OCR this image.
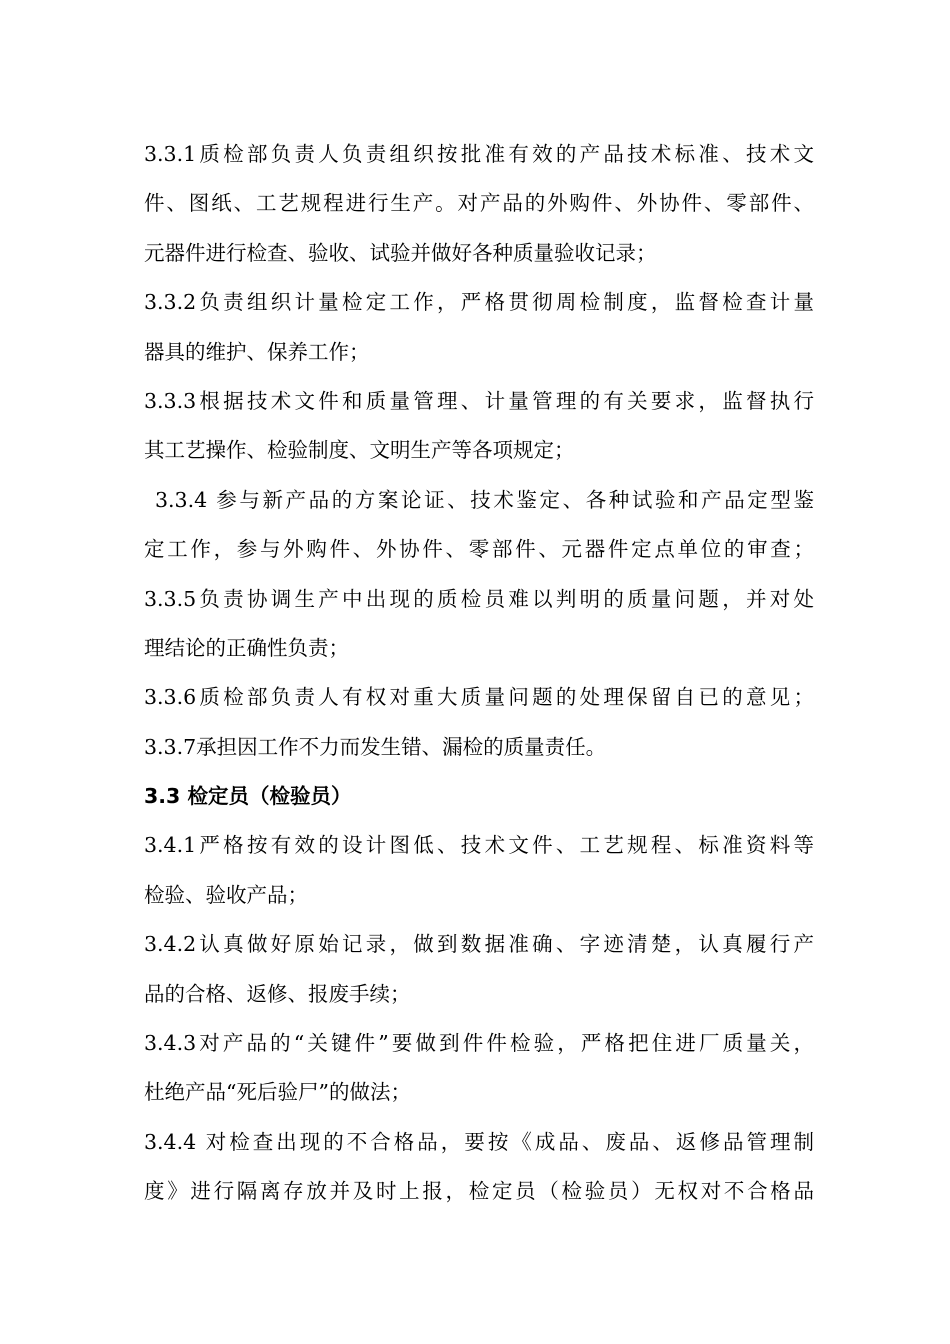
3.3.1质检部负责人负责组织按批准有效的产品技术标准、技术文
件、图纸、工艺规程进行生产。对产品的外购件、外协件、零部件、
元器件进行检查、验收、试验并做好各种质量验收记录；
3.3.2负责组织计量检定工作，严格贯彻周检制度，监督检查计量
器具的维护、保养工作；
3.3.3根据技术文件和质量管理、计量管理的有关要求，监督执行
其工艺操作、检验制度、文明生产等各项规定；
3.3.4 参与新产品的方案论证、技术鉴定、各种试验和产品定型鉴
定工作，参与外购件、外协件、零部件、元器件定点单位的审查；
3.3.5负责协调生产中出现的质检员难以判明的质量问题，并对处
理结论的正确性负责；
3.3.6质检部负责人有权对重大质量问题的处理保留自已的意见；
3.3.7承担因工作不力而发生错、漏检的质量责任。
3.3 检定员（检验员）
3.4.1严格按有效的设计图低、技术文件、工艺规程、标准资料等
检验、验收产品；
3.4.2认真做好原始记录，做到数据准确、字迹清楚，认真履行产
品的合格、返修、报废手续；
3.4.3对产品的“关键件”要做到件件检验，严格把住进厂质量关，
杜绝产品“死后验尸”的做法；
3.4.4 对检查出现的不合格品，要按《成品、废品、返修品管理制
度》进行隔离存放并及时上报，检定员（检验员）无权对不合格品
